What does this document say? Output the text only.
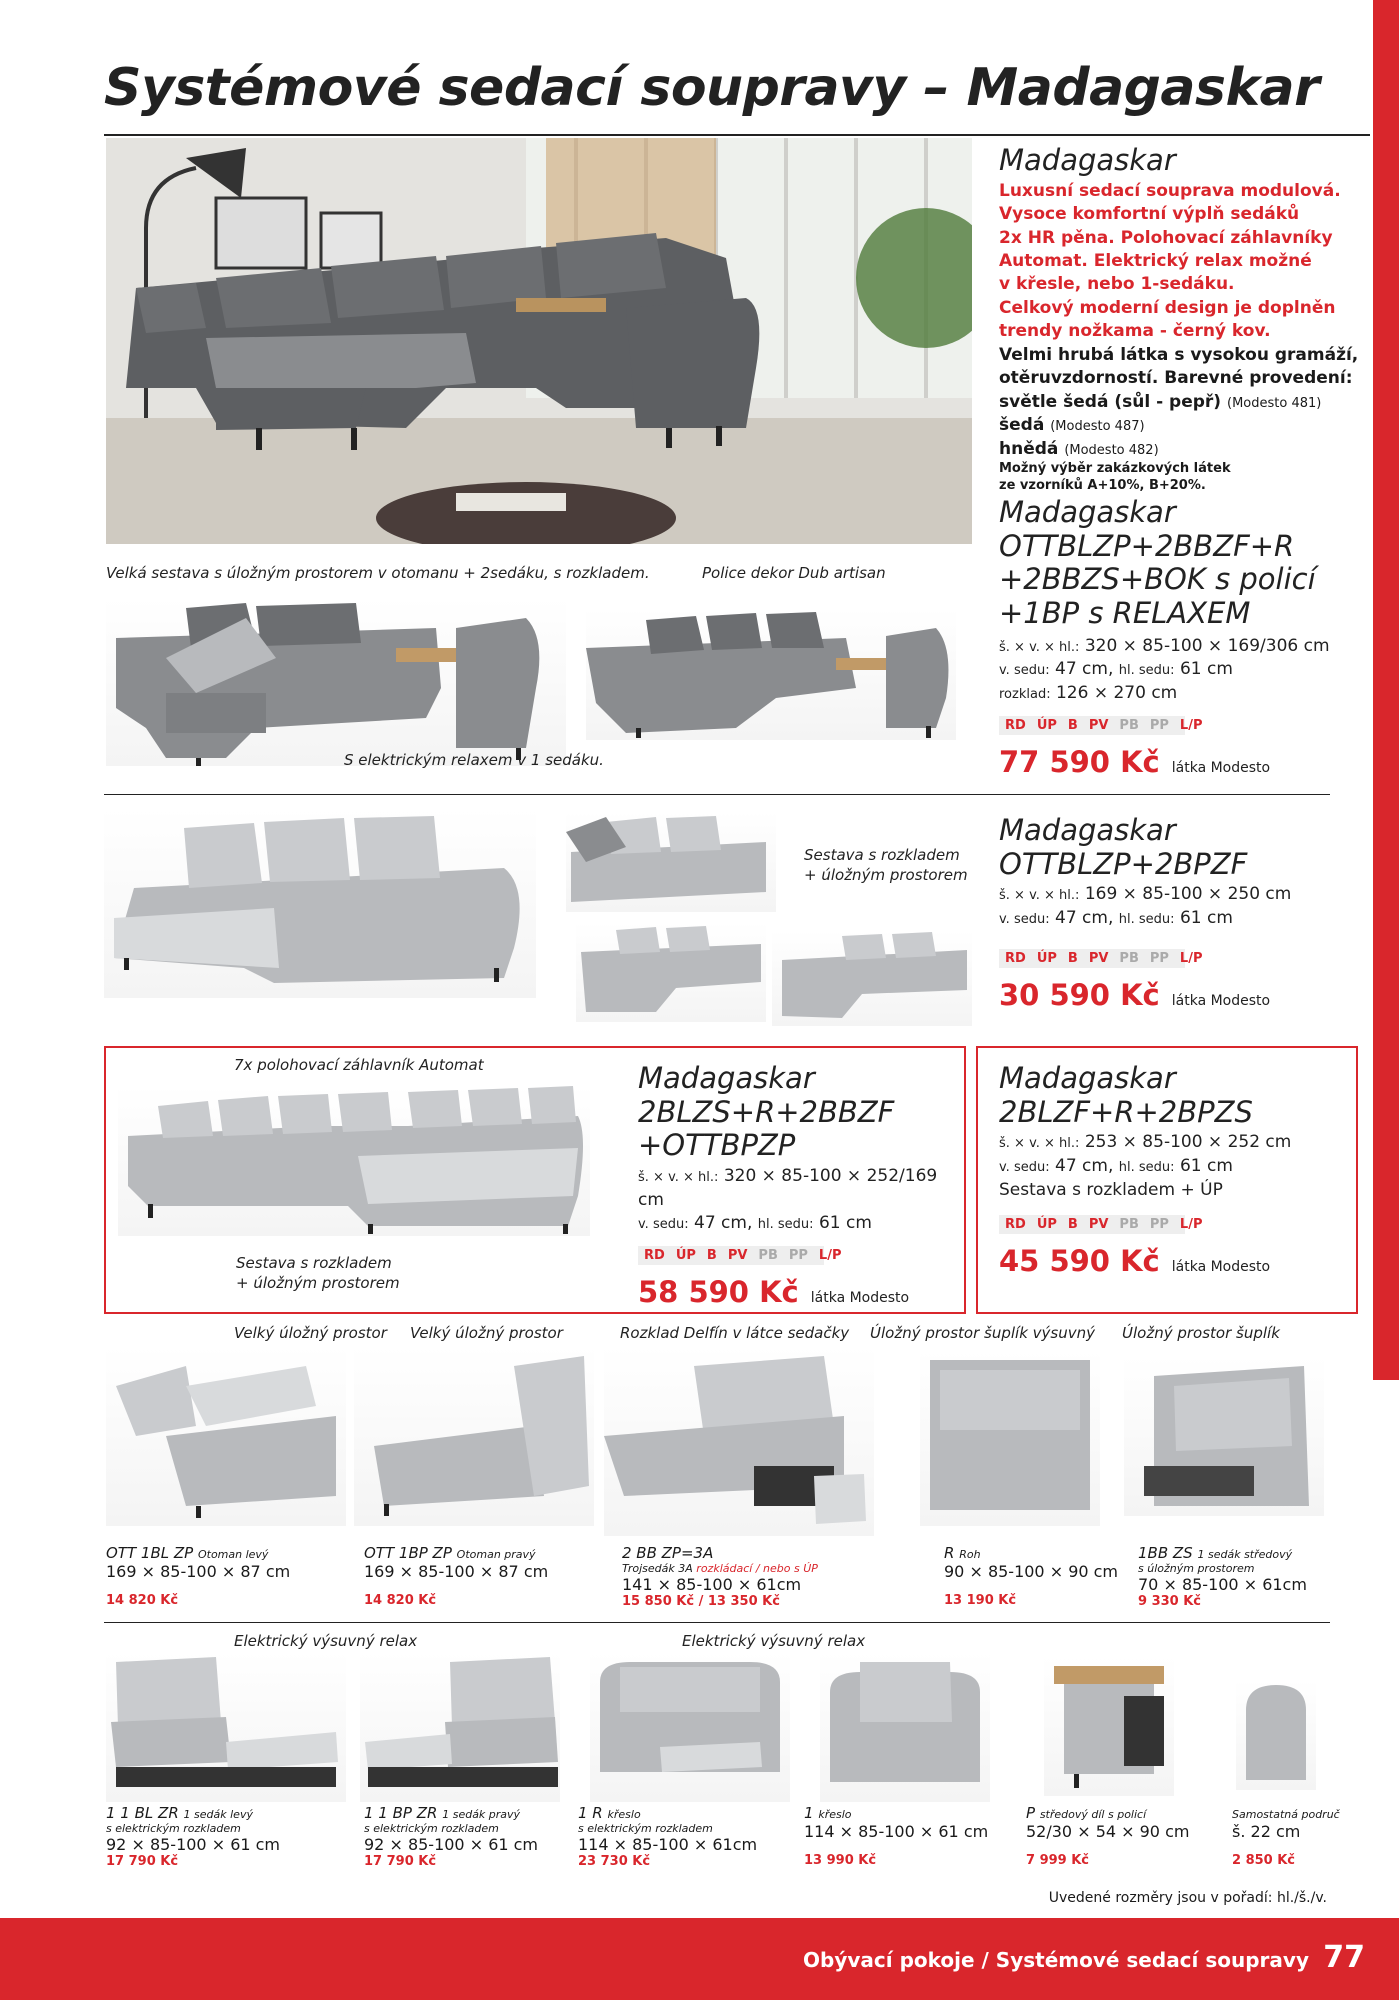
Systémové sedací soupravy – Madagaskar
Madagaskar
Luxusní sedací souprava modulová.
Vysoce komfortní výplň sedáků
2x HR pěna. Polohovací záhlavníky
Automat. Elektrický relax možné
v křesle, nebo 1-sedáku.
Celkový moderní design je doplněn
trendy nožkama - černý kov.
Velmi hrubá látka s vysokou gramáží,
otěruvzdorností. Barevné provedení:
světle šedá (sůl - pepř) (Modesto 481)
šedá (Modesto 487)
hnědá (Modesto 482)
Možný výběr zakázkových látek
ze vzorníků A+10%, B+20%.
Velká sestava s úložným prostorem v otomanu + 2sedáku, s rozkladem.	Police dekor Dub artisan
S elektrickým relaxem v 1 sedáku.
Madagaskar
OTTBLZP+2BBZF+R
+2BBZS+BOK s policí
+1BP s RELAXEM
š. × v. × hl.: 320 × 85-100 × 169/306 cm
v. sedu: 47 cm, hl. sedu: 61 cm
rozklad: 126 × 270 cm
RD ÚP B PV PB PP L/P
77 590 Kč látka Modesto
Sestava s rozkladem
+ úložným prostorem
Madagaskar
OTTBLZP+2BPZF
š. × v. × hl.: 169 × 85-100 × 250 cm
v. sedu: 47 cm, hl. sedu: 61 cm
RD ÚP B PV PB PP L/P
30 590 Kč látka Modesto
7x polohovací záhlavník Automat
Sestava s rozkladem
+ úložným prostorem
Madagaskar
2BLZS+R+2BBZF
+OTTBPZP
š. × v. × hl.: 320 × 85-100 × 252/169 cm
v. sedu: 47 cm, hl. sedu: 61 cm
RD ÚP B PV PB PP L/P
58 590 Kč látka Modesto
Madagaskar
2BLZF+R+2BPZS
š. × v. × hl.: 253 × 85-100 × 252 cm
v. sedu: 47 cm, hl. sedu: 61 cm
Sestava s rozkladem + ÚP
RD ÚP B PV PB PP L/P
45 590 Kč látka Modesto
Velký úložný prostor Velký úložný prostor	Rozklad Delfín v látce sedačky Úložný prostor šuplík výsuvný Úložný prostor šuplík
OTT 1BL ZP Otoman levý
169 × 85-100 × 87 cm
14 820 Kč
OTT 1BP ZP Otoman pravý
169 × 85-100 × 87 cm
14 820 Kč
2 BB ZP=3A
Trojsedák 3A rozkládací / nebo s ÚP
141 × 85-100 × 61cm
15 850 Kč / 13 350 Kč
R Roh
90 × 85-100 × 90 cm
13 190 Kč
1BB ZS 1 sedák středový
s úložným prostorem
70 × 85-100 × 61cm
9 330 Kč
Elektrický výsuvný relax	Elektrický výsuvný relax
1 1 BL ZR 1 sedák levý
s elektrickým rozkladem
92 × 85-100 × 61 cm
17 790 Kč
1 1 BP ZR 1 sedák pravý
s elektrickým rozkladem
92 × 85-100 × 61 cm
17 790 Kč
1 R křeslo
s elektrickým rozkladem
114 × 85-100 × 61cm
23 730 Kč
1 křeslo
114 × 85-100 × 61 cm
13 990 Kč
P středový díl s policí
52/30 × 54 × 90 cm
7 999 Kč
Samostatná područ
š. 22 cm
2 850 Kč
Uvedené rozměry jsou v pořadí: hl./š./v.
Obývací pokoje / Systémové sedací soupravy 77
